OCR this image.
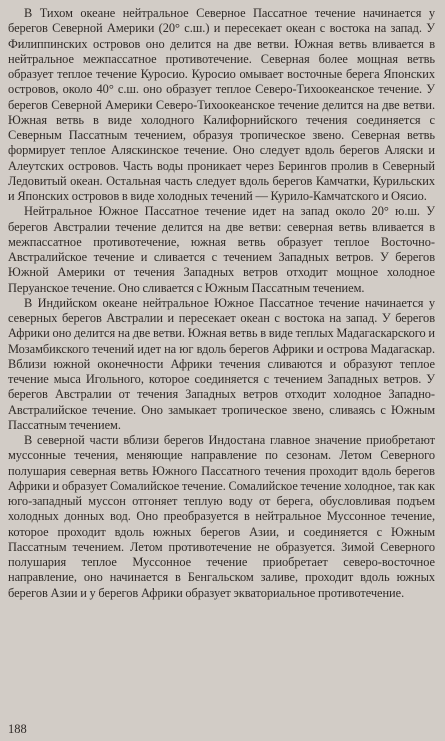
В Тихом океане нейтральное Северное Пассатное течение начинается у берегов Северной Америки (20° с.ш.) и пересекает океан с востока на запад. У Филиппинских островов оно делится на две ветви. Южная ветвь вливается в нейтральное межпассатное противотечение. Северная более мощная ветвь образует теплое течение Куросио. Куросио омывает восточные берега Японских островов, около 40° с.ш. оно образует теплое Северо-Тихоокеанское течение. У берегов Северной Америки Северо-Тихоокеанское течение делится на две ветви. Южная ветвь в виде холодного Калифорнийского течения соединяется с Северным Пассатным течением, образуя тропическое звено. Северная ветвь формирует теплое Аляскинское течение. Оно следует вдоль берегов Аляски и Алеутских островов. Часть воды проникает через Берингов пролив в Северный Ледовитый океан. Остальная часть следует вдоль берегов Камчатки, Курильских и Японских островов в виде холодных течений — Курило-Камчатского и Оясио.

Нейтральное Южное Пассатное течение идет на запад около 20° ю.ш. У берегов Австралии течение делится на две ветви: северная ветвь вливается в межпассатное противотечение, южная ветвь образует теплое Восточно-Австралийское течение и сливается с течением Западных ветров. У берегов Южной Америки от течения Западных ветров отходит мощное холодное Перуанское течение. Оно сливается с Южным Пассатным течением.

В Индийском океане нейтральное Южное Пассатное течение начинается у северных берегов Австралии и пересекает океан с востока на запад. У берегов Африки оно делится на две ветви. Южная ветвь в виде теплых Мадагаскарского и Мозамбикского течений идет на юг вдоль берегов Африки и острова Мадагаскар. Вблизи южной оконечности Африки течения сливаются и образуют теплое течение мыса Игольного, которое соединяется с течением Западных ветров. У берегов Австралии от течения Западных ветров отходит холодное Западно-Австралийское течение. Оно замыкает тропическое звено, сливаясь с Южным Пассатным течением.

В северной части вблизи берегов Индостана главное значение приобретают муссонные течения, меняющие направление по сезонам. Летом Северного полушария северная ветвь Южного Пассатного течения проходит вдоль берегов Африки и образует Сомалийское течение. Сомалийское течение холодное, так как юго-западный муссон отгоняет теплую воду от берега, обусловливая подъем холодных донных вод. Оно преобразуется в нейтральное Муссонное течение, которое проходит вдоль южных берегов Азии, и соединяется с Южным Пассатным течением. Летом противотечение не образуется. Зимой Северного полушария теплое Муссонное течение приобретает северо-восточное направление, оно начинается в Бенгальском заливе, проходит вдоль южных берегов Азии и у берегов Африки образует экваториальное противотечение.

188
